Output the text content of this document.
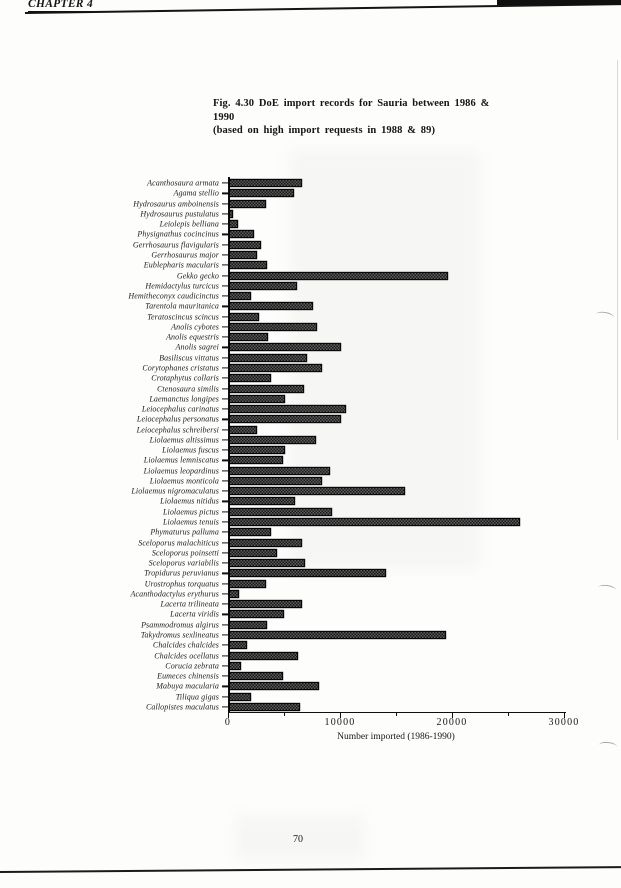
CHAPTER 4
Fig. 4.30 DoE import records for Sauria between 1986 & 1990
(based on high import requests in 1988 & 89)
Number imported (1986-1990)
Acanthosaura armata
Agama stellio
Hydrosaurus amboinensis
Hydrosaurus pustulatus
Leiolepis belliana
Physignathus cocincinus
Gerrhosaurus flavigularis
Gerrhosaurus major
Eublepharis macularis
Gekko gecko
Hemidactylus turcicus
Hemitheconyx caudicinctus
Tarentola mauritanica
Teratoscincus scincus
Anolis cybotes
Anolis equestris
Anolis sagrei
Basiliscus vittatus
Corytophanes cristatus
Crotaphytus collaris
Ctenosaura similis
Laemanctus longipes
Leiocephalus carinatus
Leiocephalus personatus
Leiocephalus schreibersi
Liolaemus altissimus
Liolaemus fuscus
Liolaemus lemniscatus
Liolaemus leopardinus
Liolaemus monticola
Liolaemus nigromaculatus
Liolaemus nitidus
Liolaemus pictus
Liolaemus tenuis
Phymaturus palluma
Sceloporus malachiticus
Sceloporus poinsetti
Sceloporus variabilis
Tropidurus peruvianus
Urostrophus torquatus
Acanthodactylus erythurus
Lacerta trilineata
Lacerta viridis
Psammodromus algirus
Takydromus sexlineatus
Chalcides chalcides
Chalcides ocellatus
Corucia zebrata
Eumeces chinensis
Mabuya macularia
Tiliqua gigas
Callopistes maculatus
0	10000	20000	30000
70
